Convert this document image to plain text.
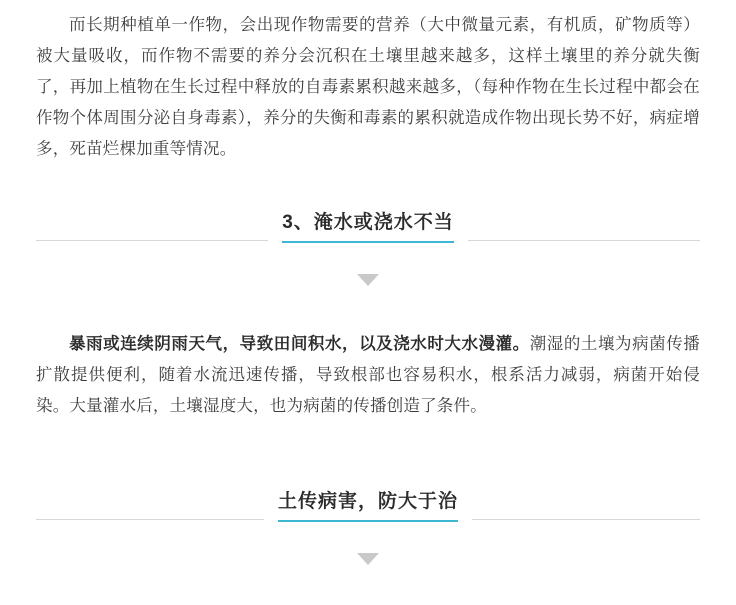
而长期种植单一作物，会出现作物需要的营养（大中微量元素，有机质，矿物质等）被大量吸收，而作物不需要的养分会沉积在土壤里越来越多，这样土壤里的养分就失衡了，再加上植物在生长过程中释放的自毒素累积越来越多，（每种作物在生长过程中都会在作物个体周围分泌自身毒素），养分的失衡和毒素的累积就造成作物出现长势不好，病症增多，死苗烂棵加重等情况。

3、淹水或浇水不当

暴雨或连续阴雨天气，导致田间积水，以及浇水时大水漫灌。潮湿的土壤为病菌传播扩散提供便利，随着水流迅速传播，导致根部也容易积水，根系活力减弱，病菌开始侵染。大量灌水后，土壤湿度大，也为病菌的传播创造了条件。

土传病害，防大于治
